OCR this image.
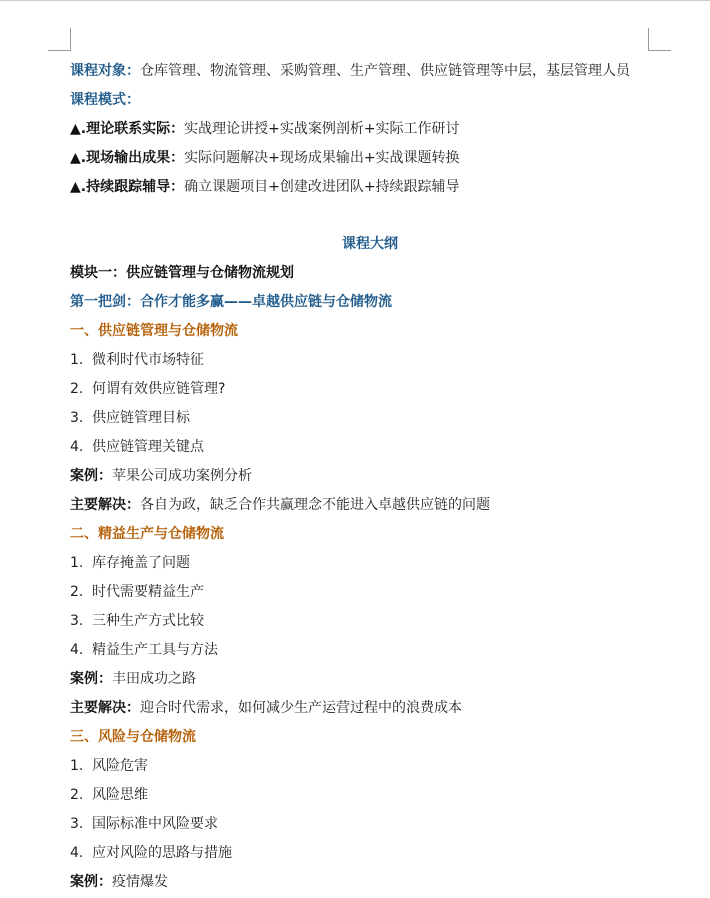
课程对象：仓库管理、物流管理、采购管理、生产管理、供应链管理等中层，基层管理人员
课程模式：
▲.理论联系实际：实战理论讲授+实战案例剖析+实际工作研讨
▲.现场输出成果：实际问题解决+现场成果输出+实战课题转换
▲.持续跟踪辅导：确立课题项目+创建改进团队+持续跟踪辅导
课程大纲
模块一：供应链管理与仓储物流规划
第一把剑：合作才能多赢——卓越供应链与仓储物流
一、供应链管理与仓储物流
1. 微利时代市场特征
2. 何谓有效供应链管理?
3. 供应链管理目标
4. 供应链管理关键点
案例：苹果公司成功案例分析
主要解决：各自为政，缺乏合作共赢理念不能进入卓越供应链的问题
二、精益生产与仓储物流
1. 库存掩盖了问题
2. 时代需要精益生产
3. 三种生产方式比较
4. 精益生产工具与方法
案例：丰田成功之路
主要解决：迎合时代需求，如何减少生产运营过程中的浪费成本
三、风险与仓储物流
1. 风险危害
2. 风险思维
3. 国际标准中风险要求
4. 应对风险的思路与措施
案例：疫情爆发
